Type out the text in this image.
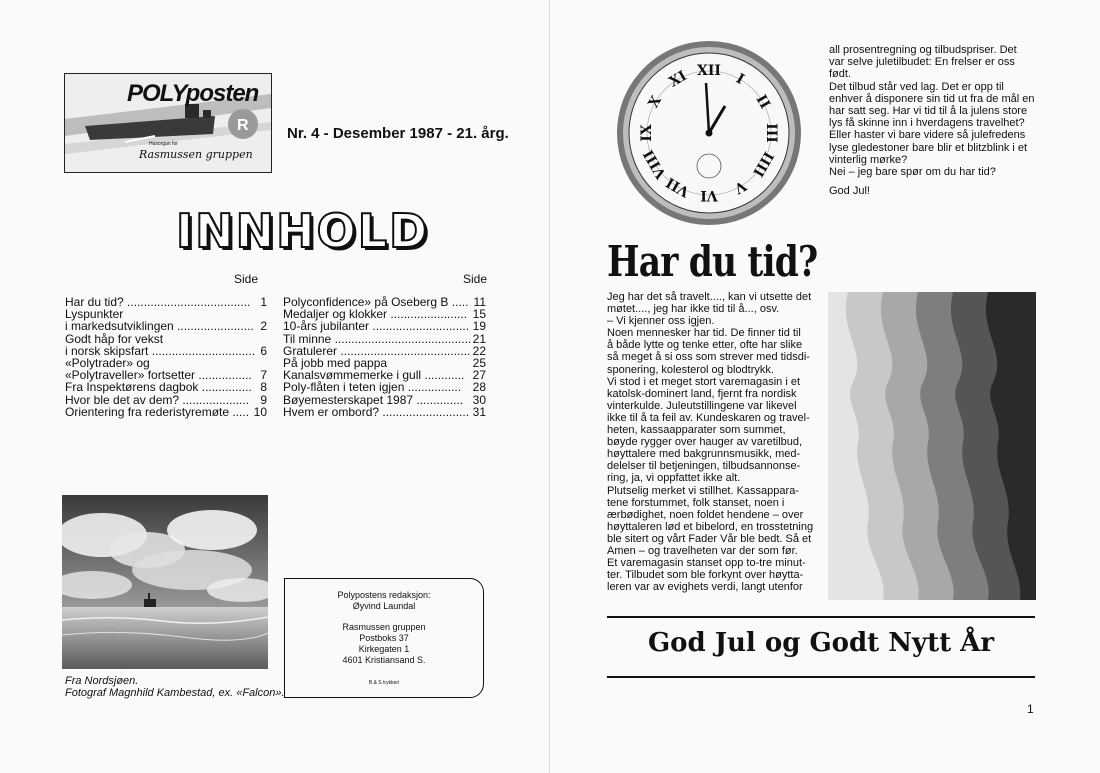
R
POLYposten
Husorgan for
Rasmussen gruppen
Nr. 4 - Desember 1987 - 21. årg.
INNHOLD
Side	Side
Har du tid? ..................................... 1
Lyspunkter
i markedsutviklingen ....................... 2
Godt håp for vekst
i norsk skipsfart ............................... 6
«Polytrader» og
«Polytraveller» fortsetter ................ 7
Fra Inspektørens dagbok ............... 8
Hvor ble det av dem? .................... 9
Orientering fra rederistyremøte ..... 10
Polyconfidence» på Oseberg B ..... 11
Medaljer og klokker ....................... 15
10-års jubilanter ............................. 19
Til minne ......................................... 21
Gratulerer ....................................... 22
På jobb med pappa	25
Kanalsvømmemerke i gull ............ 27
Poly-flåten i teten igjen ................ 28
Bøyemesterskapet 1987 .............. 30
Hvem er ombord? .......................... 31
Fra Nordsjøen.
Fotograf Magnhild Kambestad, ex. «Falcon».
Polypostens redaksjon:
Øyvind Laundal
Rasmussen gruppen
Postboks 37
Kirkegaten 1
4601 Kristiansand S.
B & S trykkeri
XII I
II
III
IIII
V
VI
VII
VIII
IX
X
XI
all prosentregning og tilbudspriser. Det
var selve juletilbudet: En frelser er oss
født.
Det tilbud står ved lag. Det er opp til
enhver å disponere sin tid ut fra de mål en
har satt seg. Har vi tid til å la julens store
lys få skinne inn i hverdagens travelhet?
Eller haster vi bare videre så julefredens
lyse gledestoner bare blir et blitzblink i et
vinterlig mørke?
Nei – jeg bare spør om du har tid?
God Jul!
Har du tid?
Jeg har det så travelt...., kan vi utsette det
møtet...., jeg har ikke tid til å..., osv.
– Vi kjenner oss igjen.
Noen mennesker har tid. De finner tid til
å både lytte og tenke etter, ofte har slike
så meget å si oss som strever med tidsdi-
sponering, kolesterol og blodtrykk.
Vi stod i et meget stort varemagasin i et
katolsk-dominert land, fjernt fra nordisk
vinterkulde. Juleutstillingene var likevel
ikke til å ta feil av. Kundeskaren og travel-
heten, kassaapparater som summet,
bøyde rygger over hauger av varetilbud,
høyttalere med bakgrunnsmusikk, med-
delelser til betjeningen, tilbudsannonse-
ring, ja, vi oppfattet ikke alt.
Plutselig merket vi stillhet. Kassappara-
tene forstummet, folk stanset, noen i
ærbødighet, noen foldet hendene – over
høyttaleren lød et bibelord, en trosstetning
ble sitert og vårt Fader Vår ble bedt. Så et
Amen – og travelheten var der som før.
Et varemagasin stanset opp to-tre minut-
ter. Tilbudet som ble forkynt over høytta-
leren var av evighets verdi, langt utenfor
God Jul og Godt Nytt År
1
